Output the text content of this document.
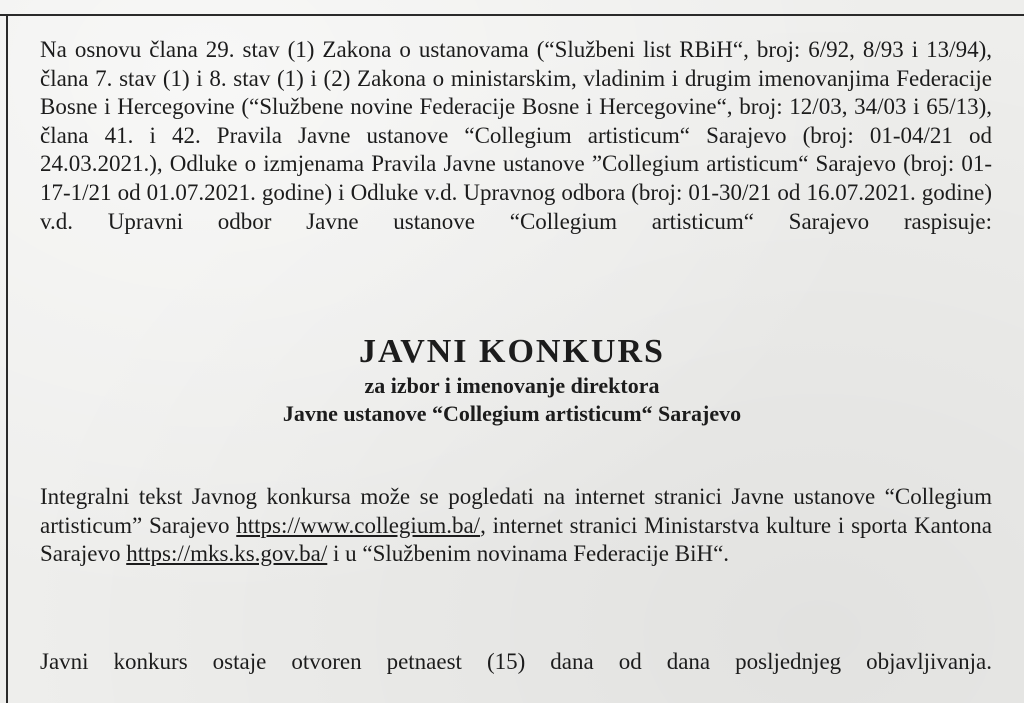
Na osnovu člana 29. stav (1) Zakona o ustanovama (“Službeni list RBiH“, broj: 6/92, 8/93 i 13/94), člana 7. stav (1) i 8. stav (1) i (2) Zakona o ministarskim, vladinim i drugim imenovanjima Federacije Bosne i Hercegovine (“Službene novine Federacije Bosne i Hercegovine“, broj: 12/03, 34/03 i 65/13), člana 41. i 42. Pravila Javne ustanove “Collegium artisticum“ Sarajevo (broj: 01-04/21 od 24.03.2021.), Odluke o izmjenama Pravila Javne ustanove ”Collegium artisticum“ Sarajevo (broj: 01-17-1/21 od 01.07.2021. godine) i Odluke v.d. Upravnog odbora (broj: 01-30/21 od 16.07.2021. godine) v.d. Upravni odbor Javne ustanove “Collegium artisticum“ Sarajevo raspisuje:

JAVNI KONKURS

za izbor i imenovanje direktora

Javne ustanove “Collegium artisticum“ Sarajevo

Integralni tekst Javnog konkursa može se pogledati na internet stranici Javne ustanove “Collegium artisticum” Sarajevo https://www.collegium.ba/, internet stranici Ministarstva kulture i sporta Kantona Sarajevo https://mks.ks.gov.ba/ i u “Službenim novinama Federacije BiH“.

Javni konkurs ostaje otvoren petnaest (15) dana od dana posljednjeg objavljivanja.
